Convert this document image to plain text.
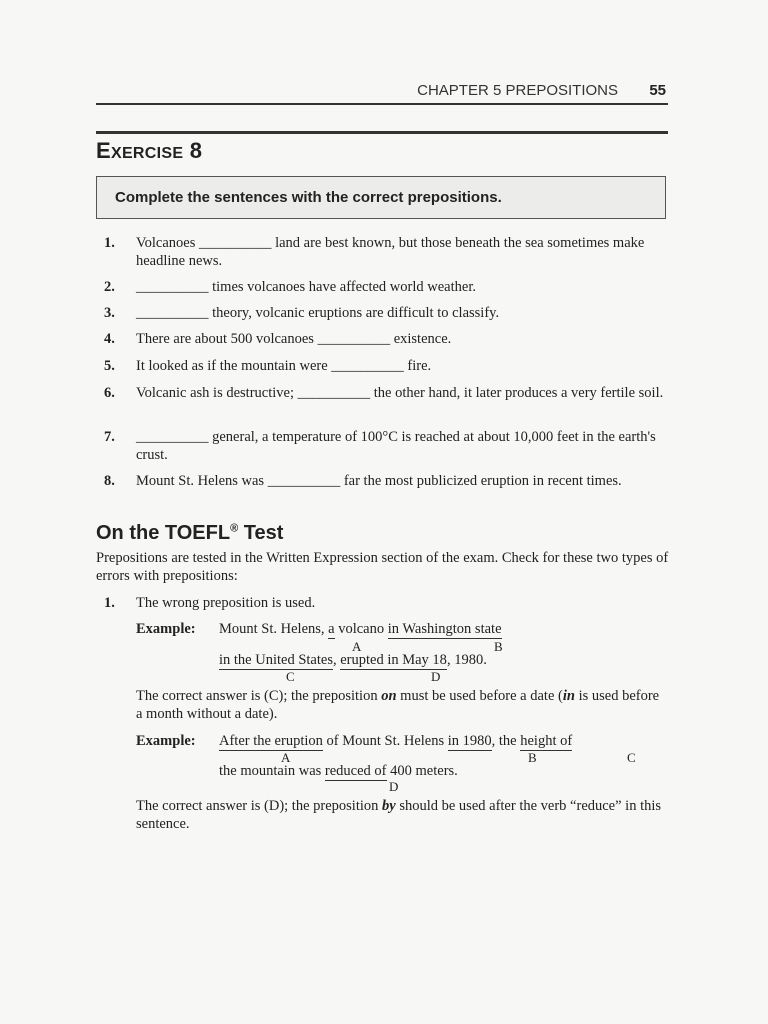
CHAPTER 5 PREPOSITIONS 55
EXERCISE 8
Complete the sentences with the correct prepositions.
1.	Volcanoes __________ land are best known, but those beneath the sea sometimes make headline news.
2.	__________ times volcanoes have affected world weather.
3.	__________ theory, volcanic eruptions are difficult to classify.
4.	There are about 500 volcanoes __________ existence.
5.	It looked as if the mountain were __________ fire.
6.	Volcanic ash is destructive; __________ the other hand, it later produces a very fertile soil.
7.	__________ general, a temperature of 100°C is reached at about 10,000 feet in the earth's crust.
8.	Mount St. Helens was __________ far the most publicized eruption in recent times.
On the TOEFL® Test
Prepositions are tested in the Written Expression section of the exam. Check for these two types of errors with prepositions:
1. The wrong preposition is used.
Example: Mount St. Helens, a volcano in Washington state
A	B
in the United States, erupted in May 18, 1980.
C	D
The correct answer is (C); the preposition on must be used before a date (in is used before a month without a date).
Example: After the eruption of Mount St. Helens in 1980, the height of
A	B	C
the mountain was reduced of 400 meters.
D
The correct answer is (D); the preposition by should be used after the verb “reduce” in this sentence.
